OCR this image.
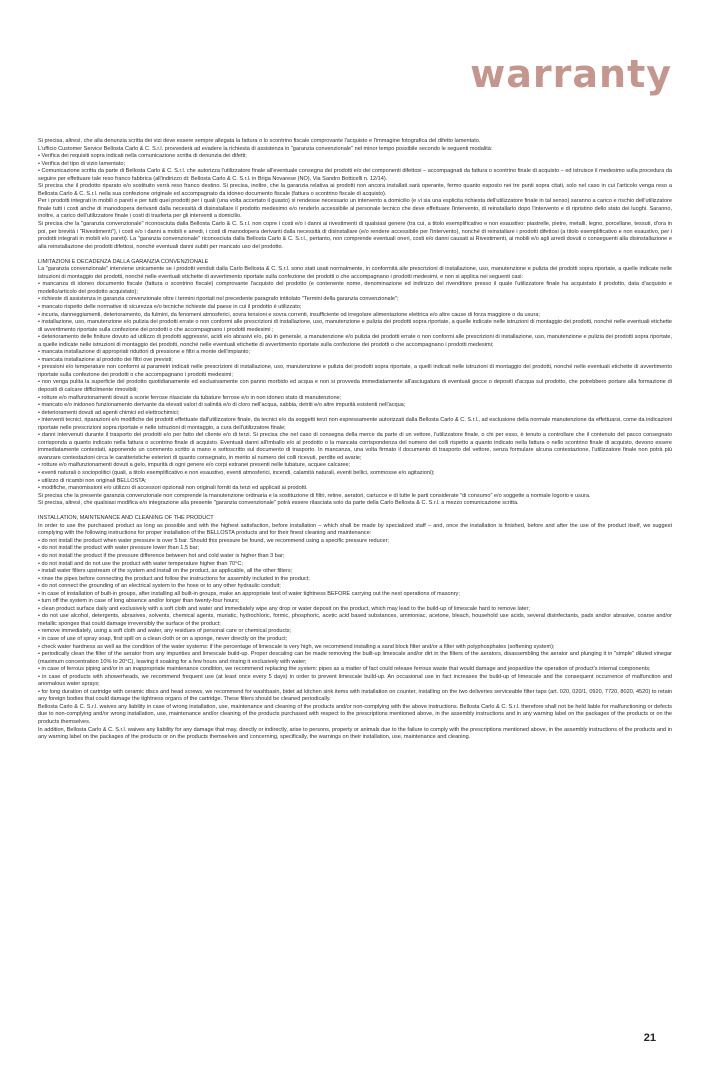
warranty

Si precisa, altresì, che alla denunzia scritta dei vizi deve essere sempre allegata la fattura o lo scontrino fiscale comprovante l'acquisto e l'immagine fotografica del difetto lamentato.

L'ufficio Customer Service Bellosta Carlo & C. S.r.l. provvederà ad evadere la richiesta di assistenza in "garanzia convenzionale" nel minor tempo possibile secondo le seguenti modalità:

• Verifica dei requisiti sopra indicati nella comunicazione scritta di denunzia dei difetti;

• Verifica del tipo di vizio lamentato;

• Comunicazione scritta da parte di Bellosta Carlo & C. S.r.l. che autorizza l'utilizzatore finale all'eventuale consegna dei prodotti e/o dei componenti difettosi – accompagnati da fattura o scontrino finale di acquisto – ed istruisce il medesimo sulla procedura da seguire per effettuare tale reso franco fabbrica (all'indirizzo di: Bellosta Carlo & C. S.r.l. in Briga Novarese (NO), Via Sandro Botticelli n. 12/14).

Si precisa che il prodotto riparato e/o sostituito verrà reso franco destino. Si precisa, inoltre, che la garanzia relativa ai prodotti non ancora installati sarà operante, fermo quanto esposto nei tre punti sopra citati, solo nel caso in cui l'articolo venga reso a Bellosta Carlo & C. S.r.l. nella sua confezione originale ed accompagnato da idoneo documento fiscale (fattura o scontrino fiscale di acquisto).

Per i prodotti integrati in mobili o pareti e per tutti quei prodotti per i quali (una volta accertato il guasto) si rendesse necessario un intervento a domicilio (e vi sia una esplicita richiesta dell'utilizzatore finale in tal senso) saranno a carico e rischio dell'utilizzatore finale tutti i costi anche di manodopera derivanti dalla necessità di disinstallare il prodotto medesimo e/o renderlo accessibile al personale tecnico che deve effettuare l'intervento, di reinstallarlo dopo l'intervento e di ripristino dello stato dei luoghi. Saranno, inoltre, a carico dell'utilizzatore finale i costi di trasferta per gli interventi a domicilio.

Si precisa che la "garanzia convenzionale" riconosciuta dalla Bellosta Carlo & C. S.r.l. non copre i costi e/o i danni ai rivestimenti di qualsiasi genere (tra cui, a titolo esemplificativo e non esaustivo: piastrelle, pietre, metalli, legno, porcellane, tessuti, d'ora in poi, per brevità i "Rivestimenti"), i costi e/o i danni a mobili e arredi, i costi di manodopera derivanti dalla necessità di disinstallare (e/o rendere accessibile per l'intervento), nonché di reinstallare i prodotti difettosi (a titolo esemplificativo e non esaustivo, per i prodotti integrati in mobili e/o pareti). La "garanzia convenzionale" riconosciuta dalla Bellosta Carlo & C. S.r.l., pertanto, non comprende eventuali oneri, costi e/o danni causati ai Rivestimenti, ai mobili e/o agli arredi dovuti o conseguenti alla disinstallazione e alla reinstallazione dei prodotti difettosi, nonché eventuali danni subiti per mancato uso del prodotto.

LIMITAZIONI E DECADENZA DALLA GARANZIA CONVENZIONALE

La "garanzia convenzionale" interviene unicamente se i prodotti venduti dalla Carlo Bellosta & C. S.r.l. sono stati usati normalmente, in conformità alle prescrizioni di installazione, uso, manutenzione e pulizia dei prodotti sopra riportate, a quelle indicate nelle istruzioni di montaggio dei prodotti, nonché nelle eventuali etichette di avvertimento riportate sulla confezione dei prodotti o che accompagnano i prodotti medesimi, e non si applica nei seguenti casi:

• mancanza di idoneo documento fiscale (fattura o scontrino fiscale) comprovante l'acquisto del prodotto (e contenente nome, denominazione ed indirizzo del rivenditore presso il quale l'utilizzatore finale ha acquistato il prodotto, data d'acquisto e modello/articolo del prodotto acquistato);

• richieste di assistenza in garanzia convenzionale oltre i termini riportati nel precedente paragrafo intitolato "Termini della garanzia convenzionale";

• mancato rispetto delle normative di sicurezza e/o tecniche richieste dal paese in cui il prodotto è utilizzato;

• incuria, danneggiamenti, deterioramento, da fulmini, da fenomeni atmosferici, sovra tensioni e sovra correnti, insufficiente od irregolare alimentazione elettrica e/o altre cause di forza maggiore o da usura;

• installazione, uso, manutenzione e/o pulizia dei prodotti errate o non conformi alle prescrizioni di installazione, uso, manutenzione e pulizia dei prodotti sopra riportate, a quelle indicate nelle istruzioni di montaggio dei prodotti, nonché nelle eventuali etichette di avvertimento riportate sulla confezione dei prodotti o che accompagnano i prodotti medesimi ;

• deterioramento delle finiture dovuto ad utilizzo di prodotti aggressivi, acidi e/o abrasivi e/o, più in generale, a manutenzione e/o pulizia dei prodotti errate o non conformi alle prescrizioni di installazione, uso, manutenzione e pulizia dei prodotti sopra riportate, a quelle indicate nelle istruzioni di montaggio dei prodotti, nonché nelle eventuali etichette di avvertimento riportate sulla confezione dei prodotti o che accompagnano i prodotti medesimi;

• mancata installazione di appropriati riduttori di pressione e filtri a monte dell'impianto;

• mancata installazione al prodotto dei filtri ove previsti;

• pressioni e/o temperature non conformi ai parametri indicati nelle prescrizioni di installazione, uso, manutenzione e pulizia dei prodotti sopra riportate, a quelli indicati nelle istruzioni di montaggio dei prodotti, nonché nelle eventuali etichette di avvertimento riportate sulla confezione dei prodotti o che accompagnano i prodotti medesimi;

• non venga pulita la superficie del prodotto quotidianamente ed esclusivamente con panno morbido ed acqua e non si provveda immediatamente all'asciugatura di eventuali gocce o depositi d'acqua sul prodotto, che potrebbero portare alla formazione di depositi di calcare difficilmente rimovibili;

• rotture e/o malfunzionamenti dovuti a scorie ferrose rilasciate da tubature ferrose e/o in non idoneo stato di manutenzione;

• mancato e/o inidoneo funzionamento derivante da elevati valori di salinità e/o di cloro nell'acqua, sabbia, detriti e/o altre impurità esistenti nell'acqua;

• deterioramenti dovuti ad agenti chimici ed elettrochimici;

• interventi tecnici, riparazioni e/o modifiche dei prodotti effettuate dall'utilizzatore finale, da tecnici e/o da soggetti terzi non espressamente autorizzati dalla Bellosta Carlo & C. S.r.l., ad esclusione della normale manutenzione da effettuarsi, come da indicazioni riportate nelle prescrizioni sopra riportate e nelle istruzioni di montaggio, a cura dell'utilizzatore finale;

• danni intervenuti durante il trasporto dei prodotti e/o per fatto del cliente e/o di terzi. Si precisa che nel caso di consegna della merce da parte di un vettore, l'utilizzatore finale, o chi per esso, è tenuto a controllare che il contenuto del pacco consegnato corrisponda a quanto indicato nella fattura o scontrino finale di acquisto. Eventuali danni all'imballo e/o al prodotto o la mancata corrispondenza del numero dei colli rispetto a quanto indicato nella fattura o nello scontrino finale di acquisto, devono essere immediatamente contestati, apponendo un commento scritto a mano e sottoscritto sul documento di trasporto. In mancanza, una volta firmato il documento di trasporto del vettore, senza formulare alcuna contestazione, l'utilizzatore finale non potrà più avanzare contestazioni circa le caratteristiche esteriori di quanto consegnato, in merito al numero dei colli ricevuti, perdite ed avarie;

• rotture e/o malfunzionamenti dovuti a gelo, impurità di ogni genere e/o corpi estranei presenti nelle tubature, acquee calcaree;

• eventi naturali o sociopolitici (quali, a titolo esemplificativo e non esaustivo, eventi atmosferici, incendi, calamità naturali, eventi bellici, sommosse e/o agitazioni);

• utilizzo di ricambi non originali BELLOSTA;

• modifiche, manomissioni e/o utilizzo di accessori opzionali non originali forniti da terzi ed applicati ai prodotti.

Si precisa che la presente garanzia convenzionale non comprende la manutenzione ordinaria e la sostituzione di filtri, retine, aeratori, cartucce e di tutte le parti considerate "di consumo" e/o soggette a normale logorio e usura.

Si precisa, altresì, che qualsiasi modifica e/o integrazione alla presente "garanzia convenzionale" potrà essere rilasciata solo da parte della Carlo Bellosta & C. S.r.l. a mezzo comunicazione scritta.

INSTALLATION, MAINTENANCE AND CLEANING OF THE PRODUCT

In order to use the purchased product as long as possible and with the highest satisfaction, before installation – which shall be made by specialized staff – and, once the installation is finished, before and after the use of the product itself, we suggest complying with the following instructions for proper installation of the BELLOSTA products and for their finest cleaning and maintenance:

• do not install the product when water pressure is over 5 bar. Should this pressure be found, we recommend using a specific pressure reducer;

• do not install the product with water pressure lower than 1,5 bar;

• do not install the product if the pressure difference between hot and cold water is higher than 3 bar;

• do not install and do not use the product with water temperature higher than 70°C;

• install water filters upstream of the system and install on the product, as applicable, all the other filters;

• rinse the pipes before connecting the product and follow the instructions for assembly included in the product;

• do not connect the grounding of an electrical system to the hose or to any other hydraulic conduit;

• in case of installation of built-in groups, after installing all built-in groups, make an appropriate test of water tightness BEFORE carrying out the next operations of masonry;

• turn off the system in case of long absence and/or longer than twenty-four hours;

• clean product surface daily and exclusively with a soft cloth and water and immediately wipe any drop or water deposit on the product, which may lead to the build-up of limescale hard to remove later;

• do not use alcohol, detergents, abrasives, solvents, chemical agents, muriatic, hydrochloric, formic, phosphoric, acetic acid based substances, ammoniac, acetone, bleach, household use acids, several disinfectants, pads and/or abrasive, coarse and/or metallic sponges that could damage irreversibly the surface of the product;

• remove immediately, using a soft cloth and water, any residues of personal care or chemical products;

• in case of use of spray soap, first spill on a clean cloth or on a sponge, never directly on the product;

• check water hardness as well as the condition of the water systems: if the percentage of limescale is very high, we recommend installing a sand block filter and/or a filter with polyphosphates (softening system);

• periodically clean the filter of the aerator from any impurities and limescale build-up. Proper descaling can be made removing the built-up limescale and/or dirt in the filters of the aerators, disassembling the aerator and plunging it in "simple" diluted vinegar (maximum concentration 10% to 20°C), leaving it soaking for a few hours and rinsing it exclusively with water;

• in case of ferrous piping and/or in an inappropriate maintenance condition, we recommend replacing the system: pipes as a matter of fact could release ferrous waste that would damage and jeopardize the operation of product's internal components;

• in case of products with showerheads, we recommend frequent use (at least once every 5 days) in order to prevent limescale build-up. An occasional use in fact increases the build-up of limescale and the consequent occurrence of malfunction and anomalous water sprays;

• for long duration of cartridge with ceramic discs and head screws, we recommend for washbasin, bidet ad kitchen sink items with installation on counter, installing on the two deliveries serviceable filter taps (art. 020, 020/1, 0920, 7720, 8020, 4520) to retain any foreign bodies that could damage the tightness organs of the cartridge. These filters should be cleaned periodically.

Bellosta Carlo & C. S.r.l. waives any liability in case of wrong installation, use, maintenance and cleaning of the products and/or non-complying with the above instructions. Bellosta Carlo & C. S.r.l. therefore shall not be held liable for malfunctioning or defects due to non-complying and/or wrong installation, use, maintenance and/or cleaning of the products purchased with respect to the prescriptions mentioned above, in the assembly instructions and in any warning label on the packages of the products or on the products themselves.

In addition, Bellosta Carlo & C. S.r.l. waives any liability for any damage that may, directly or indirectly, arise to persons, property or animals due to the failure to comply with the prescriptions mentioned above, in the assembly instructions of the products and in any warning label on the packages of the products or on the products themselves and concerning, specifically, the warnings on their installation, use, maintenance and cleaning.

21
